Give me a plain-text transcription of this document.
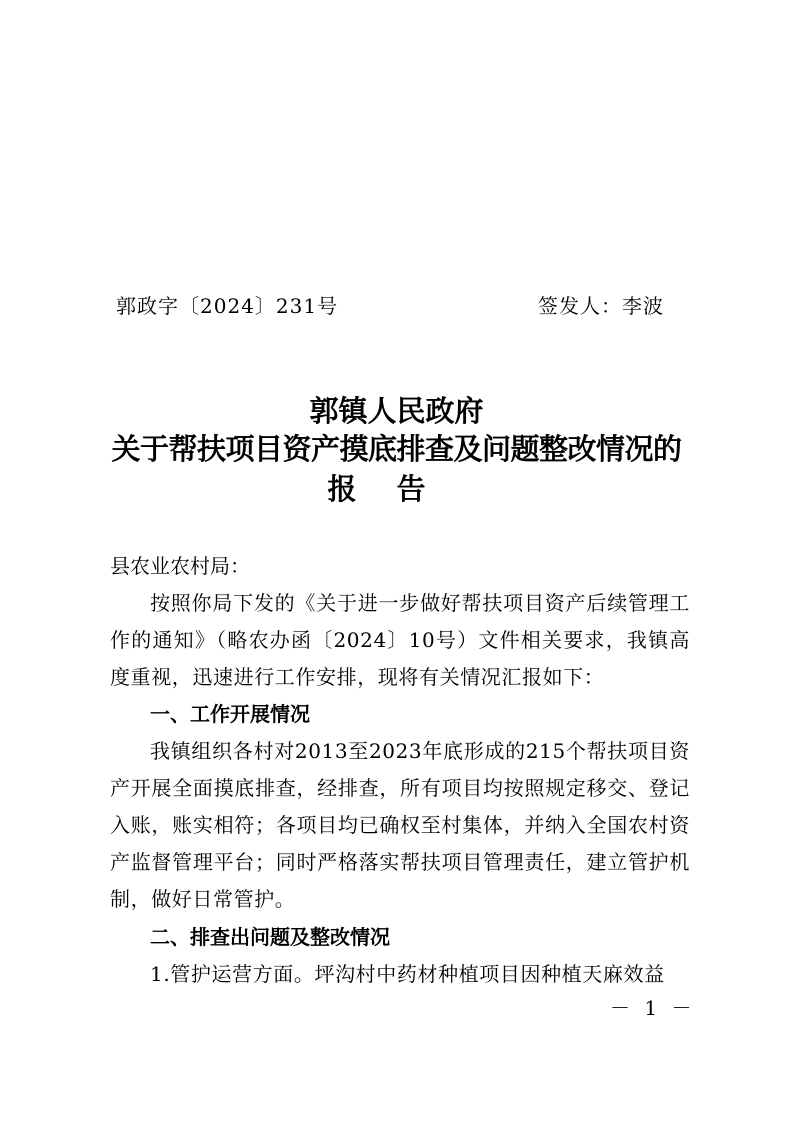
郭政字〔2024〕231号	签发人：李波
郭镇人民政府
关于帮扶项目资产摸底排查及问题整改情况的
报告
县农业农村局：

按照你局下发的《关于进一步做好帮扶项目资产后续管理工作的通知》（略农办函〔2024〕10号）文件相关要求，我镇高度重视，迅速进行工作安排，现将有关情况汇报如下：

一、工作开展情况

我镇组织各村对2013至2023年底形成的215个帮扶项目资产开展全面摸底排查，经排查，所有项目均按照规定移交、登记入账，账实相符；各项目均已确权至村集体，并纳入全国农村资产监督管理平台；同时严格落实帮扶项目管理责任，建立管护机制，做好日常管护。

二、排查出问题及整改情况

1.管护运营方面。坪沟村中药材种植项目因种植天麻效益

－ 1 －
